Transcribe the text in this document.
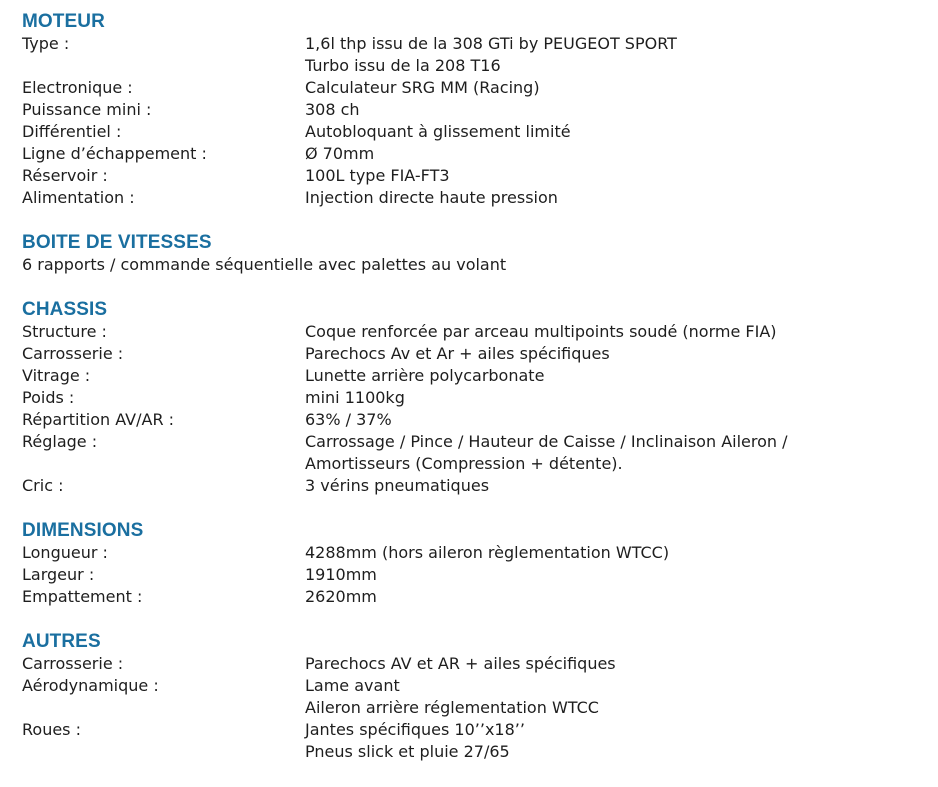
MOTEUR
Type :	1,6l thp issu de la 308 GTi by PEUGEOT SPORT
Turbo issu de la 208 T16
Electronique :	Calculateur SRG MM (Racing)
Puissance mini :	308 ch
Différentiel :	Autobloquant à glissement limité
Ligne d’échappement :	Ø 70mm
Réservoir :	100L type FIA-FT3
Alimentation :	Injection directe haute pression
BOITE DE VITESSES
6 rapports / commande séquentielle avec palettes au volant
CHASSIS
Structure :	Coque renforcée par arceau multipoints soudé (norme FIA)
Carrosserie :	Parechocs Av et Ar + ailes spécifiques
Vitrage :	Lunette arrière polycarbonate
Poids :	mini 1100kg
Répartition AV/AR :	63% / 37%
Réglage :	Carrossage / Pince / Hauteur de Caisse / Inclinaison Aileron /
Amortisseurs (Compression + détente).
Cric :	3 vérins pneumatiques
DIMENSIONS
Longueur :	4288mm (hors aileron règlementation WTCC)
Largeur :	1910mm
Empattement :	2620mm
AUTRES
Carrosserie :	Parechocs AV et AR + ailes spécifiques
Aérodynamique :	Lame avant
Aileron arrière réglementation WTCC
Roues :	Jantes spécifiques 10’’x18’’
Pneus slick et pluie 27/65
